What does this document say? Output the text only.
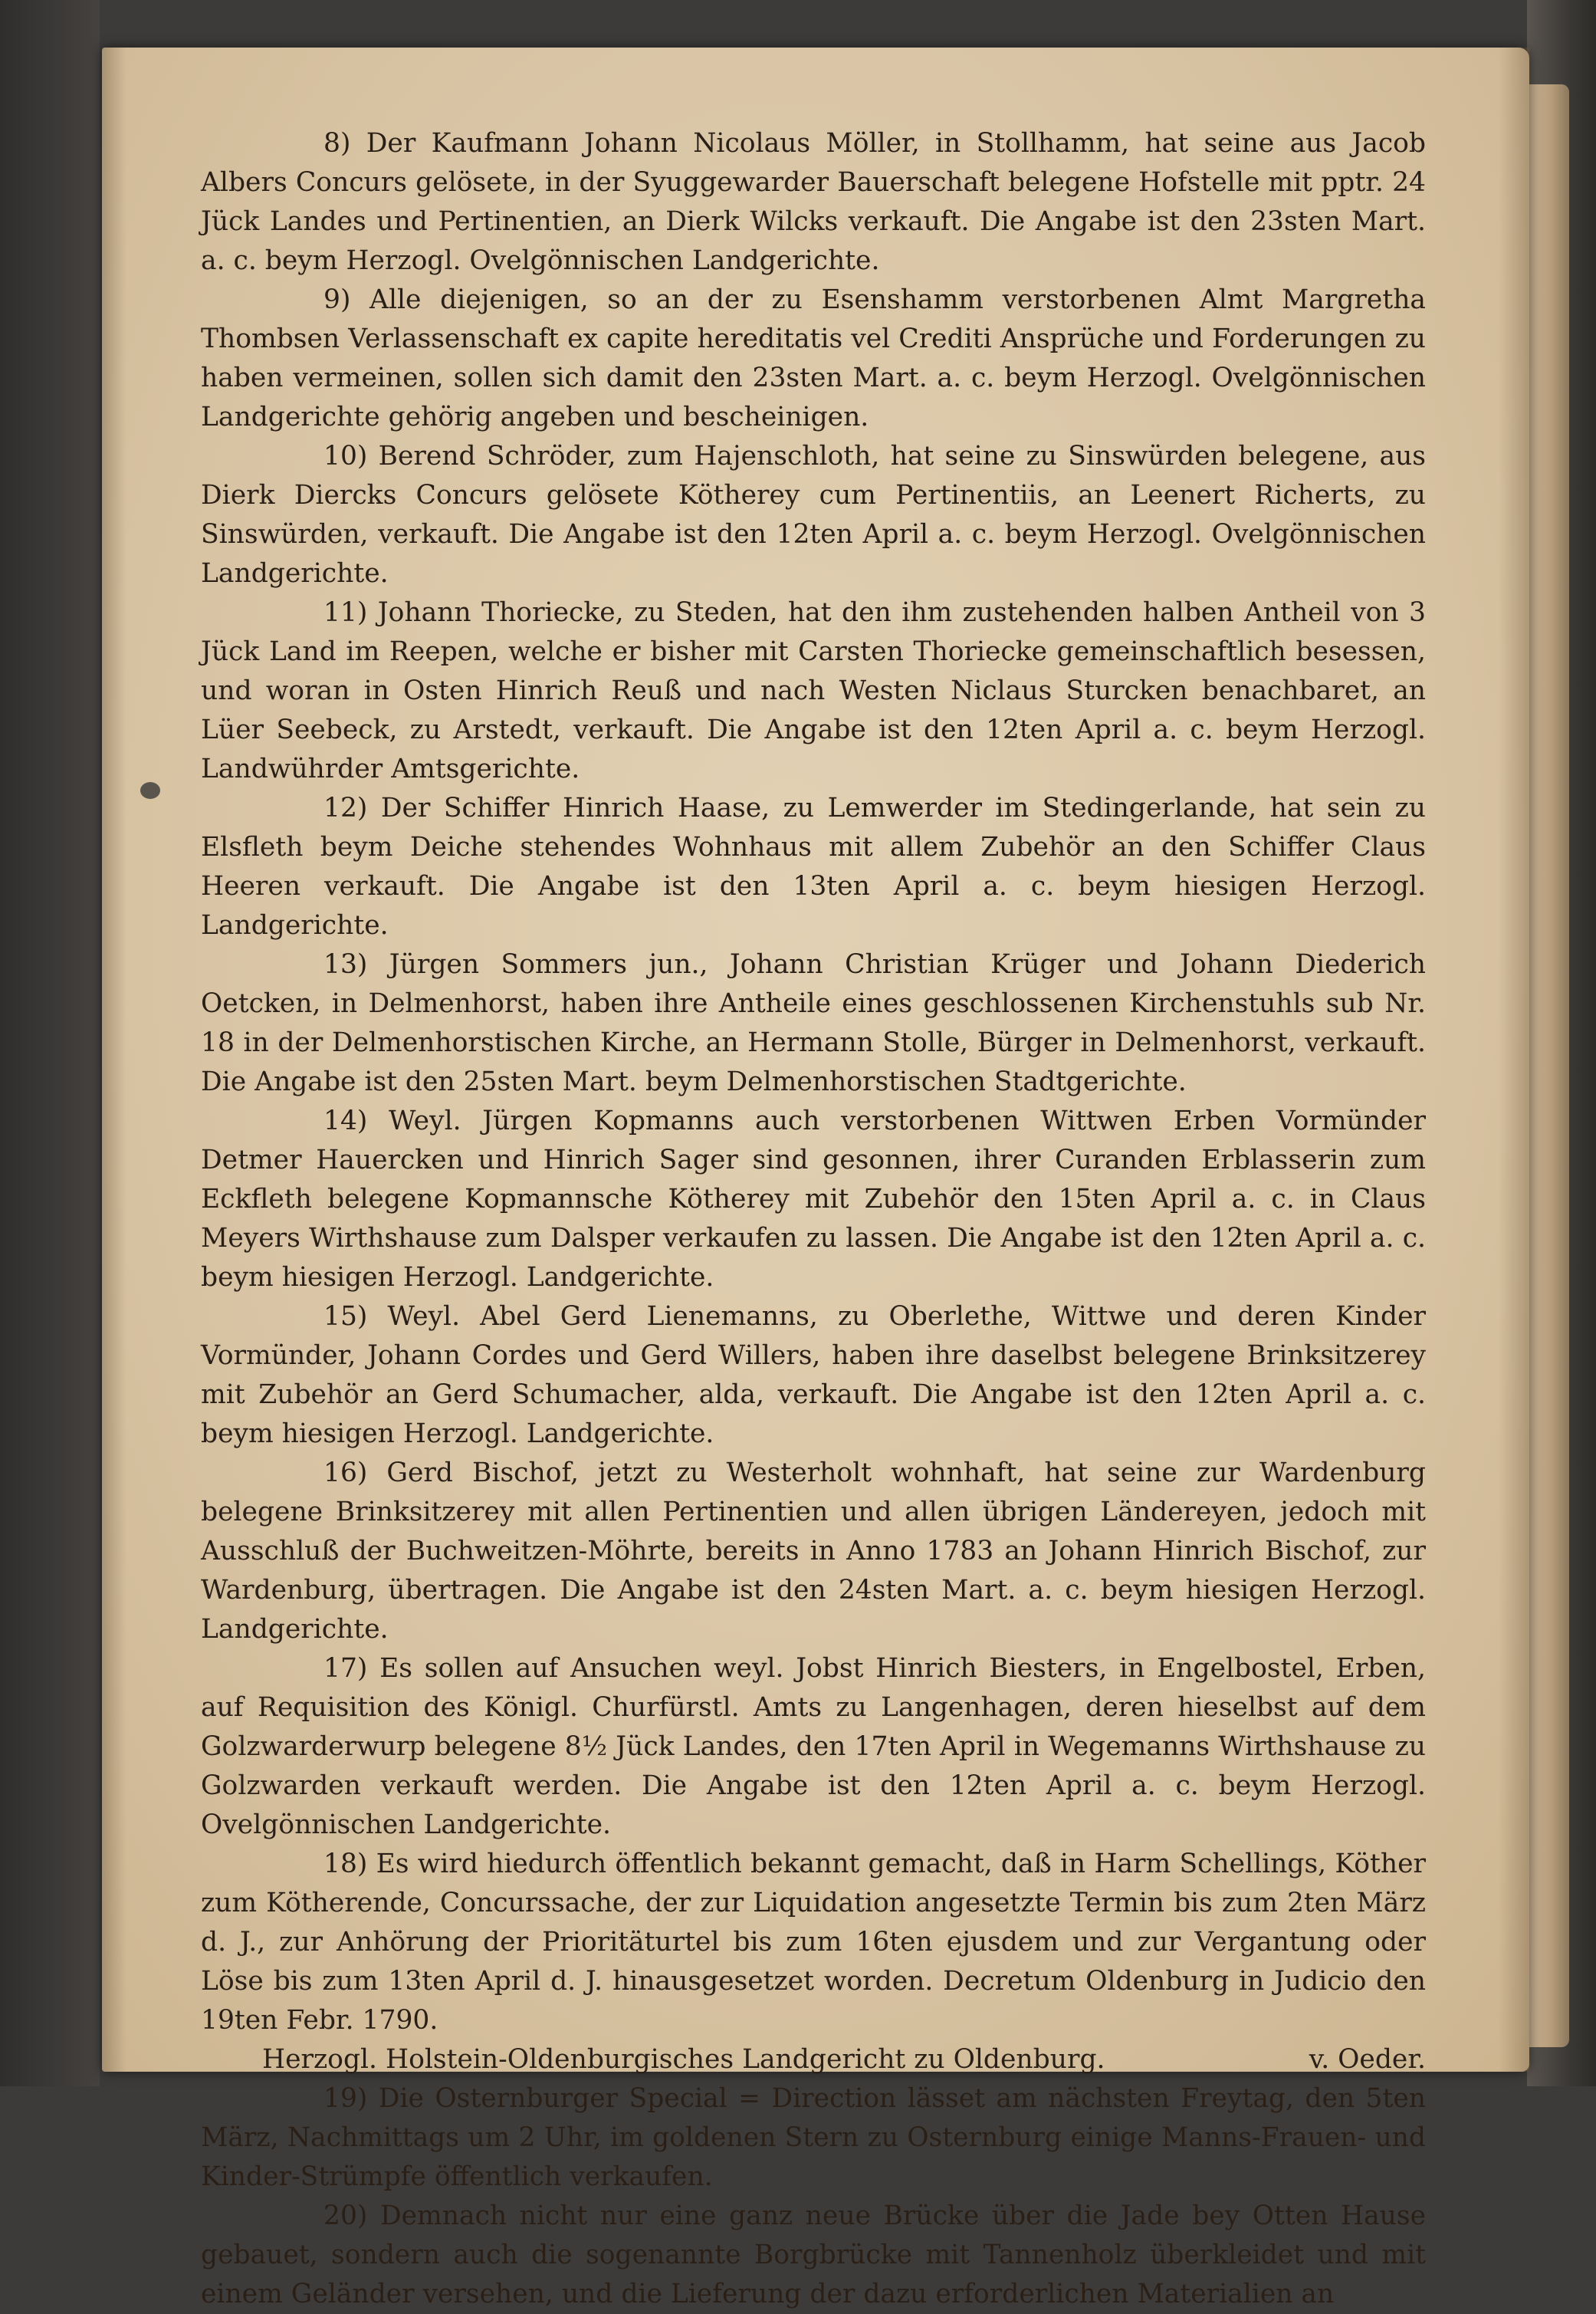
8) Der Kaufmann Johann Nicolaus Möller, in Stollhamm, hat seine aus Jacob Albers Concurs gelösete, in der Syuggewarder Bauerschaft belegene Hofstelle mit pptr. 24 Jück Landes und Pertinentien, an Dierk Wilcks verkauft. Die Angabe ist den 23sten Mart. a. c. beym Herzogl. Ovelgönnischen Landgerichte.

9) Alle diejenigen, so an der zu Esenshamm verstorbenen Almt Margretha Thombsen Verlassenschaft ex capite hereditatis vel Crediti Ansprüche und Forderungen zu haben vermeinen, sollen sich damit den 23sten Mart. a. c. beym Herzogl. Ovelgönnischen Landgerichte gehörig angeben und bescheinigen.

10) Berend Schröder, zum Hajenschloth, hat seine zu Sinswürden belegene, aus Dierk Diercks Concurs gelösete Kötherey cum Pertinentiis, an Leenert Richerts, zu Sinswürden, verkauft. Die Angabe ist den 12ten April a. c. beym Herzogl. Ovelgönnischen Landgerichte.

11) Johann Thoriecke, zu Steden, hat den ihm zustehenden halben Antheil von 3 Jück Land im Reepen, welche er bisher mit Carsten Thoriecke gemeinschaftlich besessen, und woran in Osten Hinrich Reuß und nach Westen Niclaus Sturcken benachbaret, an Lüer Seebeck, zu Arstedt, verkauft. Die Angabe ist den 12ten April a. c. beym Herzogl. Landwührder Amtsgerichte.

12) Der Schiffer Hinrich Haase, zu Lemwerder im Stedingerlande, hat sein zu Elsfleth beym Deiche stehendes Wohnhaus mit allem Zubehör an den Schiffer Claus Heeren verkauft. Die Angabe ist den 13ten April a. c. beym hiesigen Herzogl. Landgerichte.

13) Jürgen Sommers jun., Johann Christian Krüger und Johann Diederich Oetcken, in Delmenhorst, haben ihre Antheile eines geschlossenen Kirchenstuhls sub Nr. 18 in der Delmenhorstischen Kirche, an Hermann Stolle, Bürger in Delmenhorst, verkauft. Die Angabe ist den 25sten Mart. beym Delmenhorstischen Stadtgerichte.

14) Weyl. Jürgen Kopmanns auch verstorbenen Wittwen Erben Vormünder Detmer Hauercken und Hinrich Sager sind gesonnen, ihrer Curanden Erblasserin zum Eckfleth belegene Kopmannsche Kötherey mit Zubehör den 15ten April a. c. in Claus Meyers Wirthshause zum Dalsper verkaufen zu lassen. Die Angabe ist den 12ten April a. c. beym hiesigen Herzogl. Landgerichte.

15) Weyl. Abel Gerd Lienemanns, zu Oberlethe, Wittwe und deren Kinder Vormünder, Johann Cordes und Gerd Willers, haben ihre daselbst belegene Brinksitzerey mit Zubehör an Gerd Schumacher, alda, verkauft. Die Angabe ist den 12ten April a. c. beym hiesigen Herzogl. Landgerichte.

16) Gerd Bischof, jetzt zu Westerholt wohnhaft, hat seine zur Wardenburg belegene Brinksitzerey mit allen Pertinentien und allen übrigen Ländereyen, jedoch mit Ausschluß der Buchweitzen-Möhrte, bereits in Anno 1783 an Johann Hinrich Bischof, zur Wardenburg, übertragen. Die Angabe ist den 24sten Mart. a. c. beym hiesigen Herzogl. Landgerichte.

17) Es sollen auf Ansuchen weyl. Jobst Hinrich Biesters, in Engelbostel, Erben, auf Requisition des Königl. Churfürstl. Amts zu Langenhagen, deren hieselbst auf dem Golzwarderwurp belegene 8½ Jück Landes, den 17ten April in Wegemanns Wirthshause zu Golzwarden verkauft werden. Die Angabe ist den 12ten April a. c. beym Herzogl. Ovelgönnischen Landgerichte.

18) Es wird hiedurch öffentlich bekannt gemacht, daß in Harm Schellings, Köther zum Kötherende, Concurssache, der zur Liquidation angesetzte Termin bis zum 2ten März d. J., zur Anhörung der Prioritäturtel bis zum 16ten ejusdem und zur Vergantung oder Löse bis zum 13ten April d. J. hinausgesetzet worden. Decretum Oldenburg in Judicio den 19ten Febr. 1790.

Herzogl. Holstein-Oldenburgisches Landgericht zu Oldenburg.	v. Oeder.

19) Die Osternburger Special = Direction lässet am nächsten Freytag, den 5ten März, Nachmittags um 2 Uhr, im goldenen Stern zu Osternburg einige Manns-Frauen- und Kinder-Strümpfe öffentlich verkaufen.

20) Demnach nicht nur eine ganz neue Brücke über die Jade bey Otten Hause gebauet, sondern auch die sogenannte Borgbrücke mit Tannenholz überkleidet und mit einem Geländer versehen, und die Lieferung der dazu erforderlichen Materialien an
